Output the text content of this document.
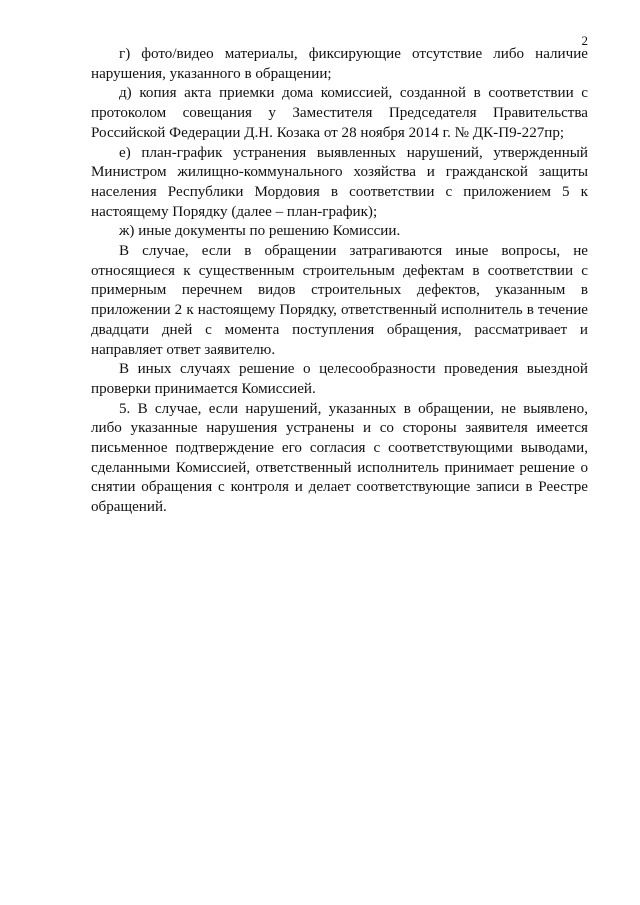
2

г) фото/видео материалы, фиксирующие отсутствие либо наличие нарушения, указанного в обращении;

д) копия акта приемки дома комиссией, созданной в соответствии с протоколом совещания у Заместителя Председателя Правительства Российской Федерации Д.Н. Козака от 28 ноября 2014 г. № ДК-П9-227пр;

е) план-график устранения выявленных нарушений, утвержденный Министром жилищно-коммунального хозяйства и гражданской защиты населения Республики Мордовия в соответствии с приложением 5 к настоящему Порядку (далее – план-график);

ж) иные документы по решению Комиссии.

В случае, если в обращении затрагиваются иные вопросы, не относящиеся к существенным строительным дефектам в соответствии с примерным перечнем видов строительных дефектов, указанным в приложении 2 к настоящему Порядку, ответственный исполнитель в течение двадцати дней с момента поступления обращения, рассматривает и направляет ответ заявителю.

В иных случаях решение о целесообразности проведения выездной проверки принимается Комиссией.

5. В случае, если нарушений, указанных в обращении, не выявлено, либо указанные нарушения устранены и со стороны заявителя имеется письменное подтверждение его согласия с соответствующими выводами, сделанными Комиссией, ответственный исполнитель принимает решение о снятии обращения с контроля и делает соответствующие записи в Реестре обращений.
